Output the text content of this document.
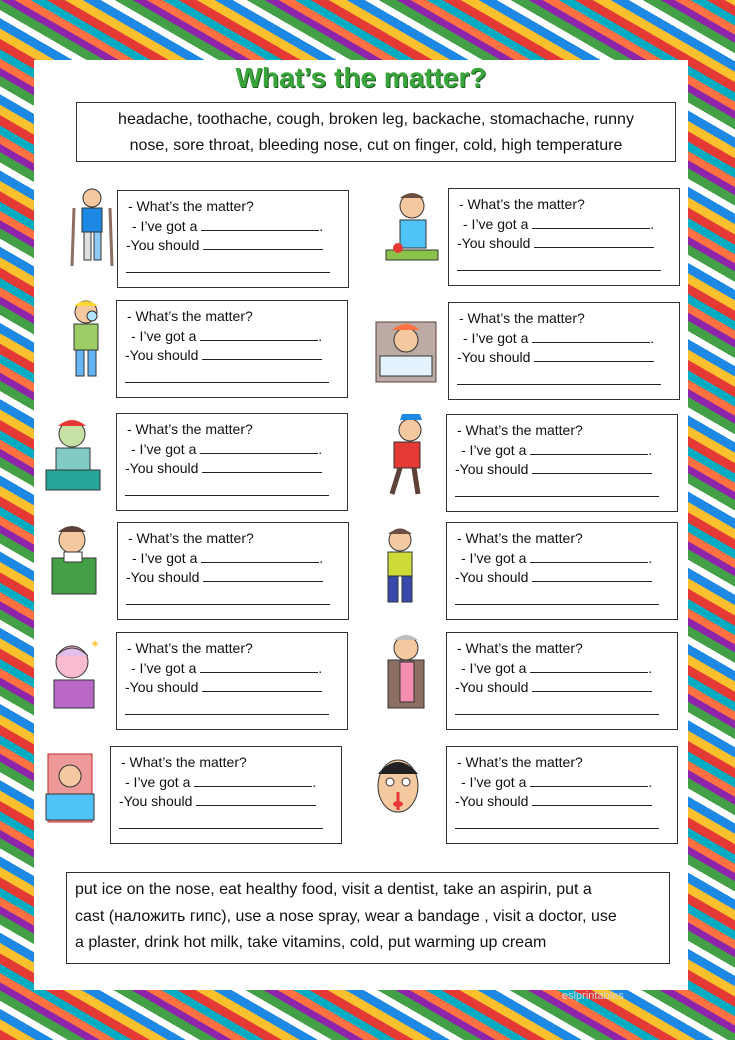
What’s the matter?
headache, toothache, cough, broken leg, backache, stomachache, runny
nose, sore throat, bleeding nose, cut on finger, cold, high temperature
✶
- What’s the matter?
- I’ve got a	.
-You should
- What’s the matter?
- I’ve got a	.
-You should
- What’s the matter?
- I’ve got a	.
-You should
- What’s the matter?
- I’ve got a	.
-You should
- What’s the matter?
- I’ve got a	.
-You should
- What’s the matter?
- I’ve got a	.
-You should
- What’s the matter?
- I’ve got a	.
-You should
- What’s the matter?
- I’ve got a	.
-You should
- What’s the matter?
- I’ve got a	.
-You should
- What’s the matter?
- I’ve got a	.
-You should
- What’s the matter?
- I’ve got a	.
-You should
- What’s the matter?
- I’ve got a	.
-You should
put ice on the nose, eat healthy food, visit a dentist, take an aspirin, put a
cast (наложить гипс), use a nose spray, wear a bandage , visit a doctor, use
a plaster, drink hot milk, take vitamins, cold, put warming up cream
eslprintables
